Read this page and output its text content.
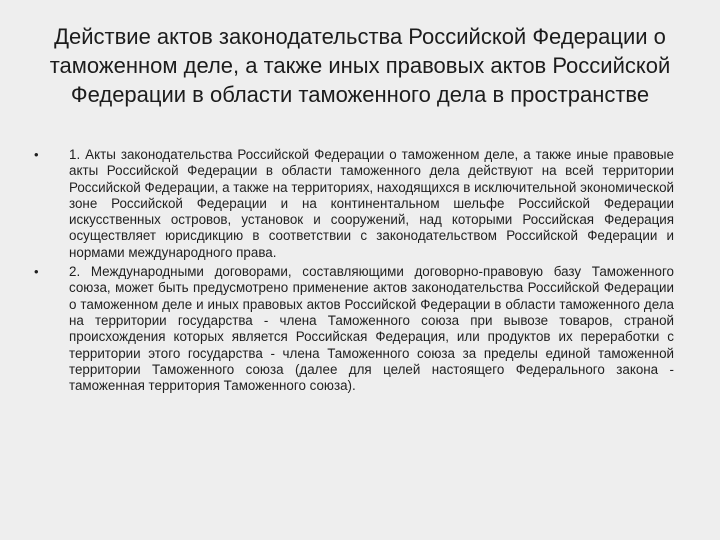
Действие актов законодательства Российской Федерации о таможенном деле, а также иных правовых актов Российской Федерации в области таможенного дела в пространстве
•	1. Акты законодательства Российской Федерации о таможенном деле, а также иные правовые акты Российской Федерации в области таможенного дела действуют на всей территории Российской Федерации, а также на территориях, находящихся в исключительной экономической зоне Российской Федерации и на континентальном шельфе Российской Федерации искусственных островов, установок и сооружений, над которыми Российская Федерация осуществляет юрисдикцию в соответствии с законодательством Российской Федерации и нормами международного права.
•	2. Международными договорами, составляющими договорно-правовую базу Таможенного союза, может быть предусмотрено применение актов законодательства Российской Федерации о таможенном деле и иных правовых актов Российской Федерации в области таможенного дела на территории государства - члена Таможенного союза при вывозе товаров, страной происхождения которых является Российская Федерация, или продуктов их переработки с территории этого государства - члена Таможенного союза за пределы единой таможенной территории Таможенного союза (далее для целей настоящего Федерального закона - таможенная территория Таможенного союза).
